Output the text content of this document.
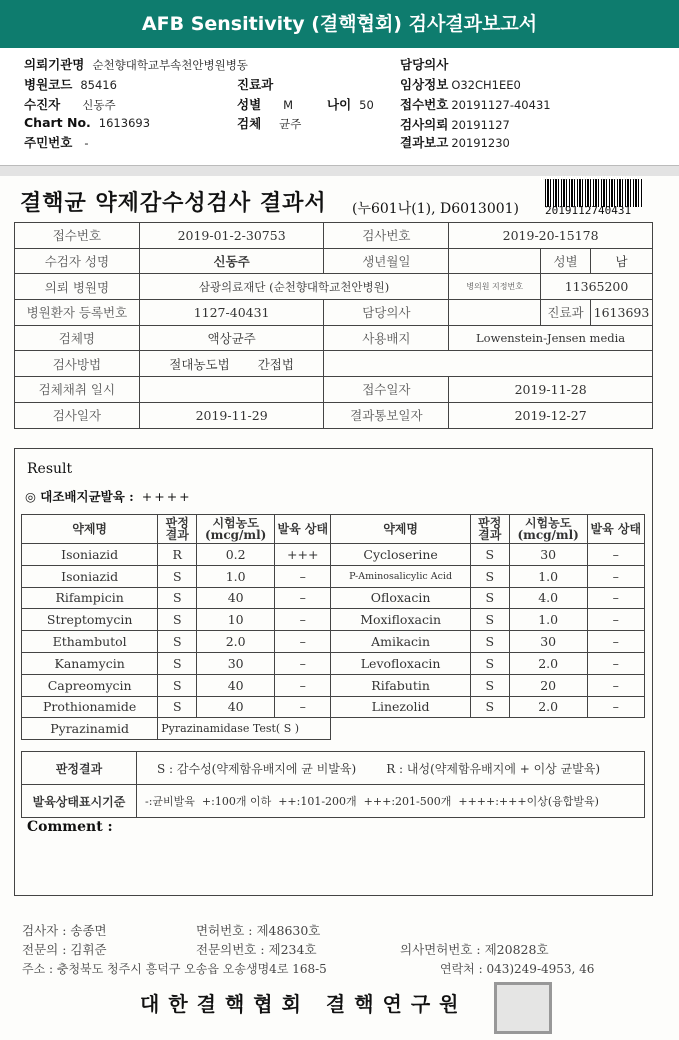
AFB Sensitivity (결핵협회) 검사결과보고서
의뢰기관명 순천향대학교부속천안병원병동
병원코드 85416
수진자 신동주
Chart No. 1613693
주민번호 -
진료과
성별 M	나이 50
검체 균주
담당의사
임상정보 O32CH1EE0
접수번호 20191127-40431
검사의뢰 20191127
결과보고 20191230
결핵균 약제감수성검사 결과서 (누601나(1), D6013001) 2019112740431
접수번호	2019-01-2-30753	검사번호	2019-20-15178		
수검자 성명	신동주	생년월일		성별	남
의뢰 병원명	삼광의료재단 (순천향대학교천안병원)		병의원 지정번호	11365200	
병원환자 등록번호	1127-40431	담당의사		진료과	1613693
검체명	액상균주	사용배지	Lowenstein-Jensen media		
검사방법	절대농도법 간접법				
검체채취 일시		접수일자	2019-11-28		
검사일자	2019-11-29	결과통보일자	2019-12-27		
Result
◎ 대조배지균발육 : ++++
약제명	판정 결과	시험농도 (mcg/ml)	발육 상태	약제명	판정 결과	시험농도 (mcg/ml)	발육 상태
Isoniazid	R	0.2	+++	Cycloserine	S	30	–
Isoniazid	S	1.0	–	P-Aminosalicylic Acid	S	1.0	–
Rifampicin	S	40	–	Ofloxacin	S	4.0	–
Streptomycin	S	10	–	Moxifloxacin	S	1.0	–
Ethambutol	S	2.0	–	Amikacin	S	30	–
Kanamycin	S	30	–	Levofloxacin	S	2.0	–
Capreomycin	S	40	–	Rifabutin	S	20	–
Prothionamide	S	40	–	Linezolid	S	2.0	–
Pyrazinamid	Pyrazinamidase Test( S )						
판정결과	S : 감수성(약제함유배지에 균 비발육) R : 내성(약제함유배지에 + 이상 균발육)
발육상태표시기준	-:균비발육  +:100개 이하  ++:101-200개  +++:201-500개  ++++:+++이상(융합발육)
Comment :
검사자 : 송종면	면허번호 : 제48630호
전문의 : 김휘준	전문의번호 : 제234호	의사면허번호 : 제20828호
주소 : 충청북도 청주시 흥덕구 오송읍 오송생명4로 168-5	연락처 : 043)249-4953, 46
대한결핵협회 결핵연구원
